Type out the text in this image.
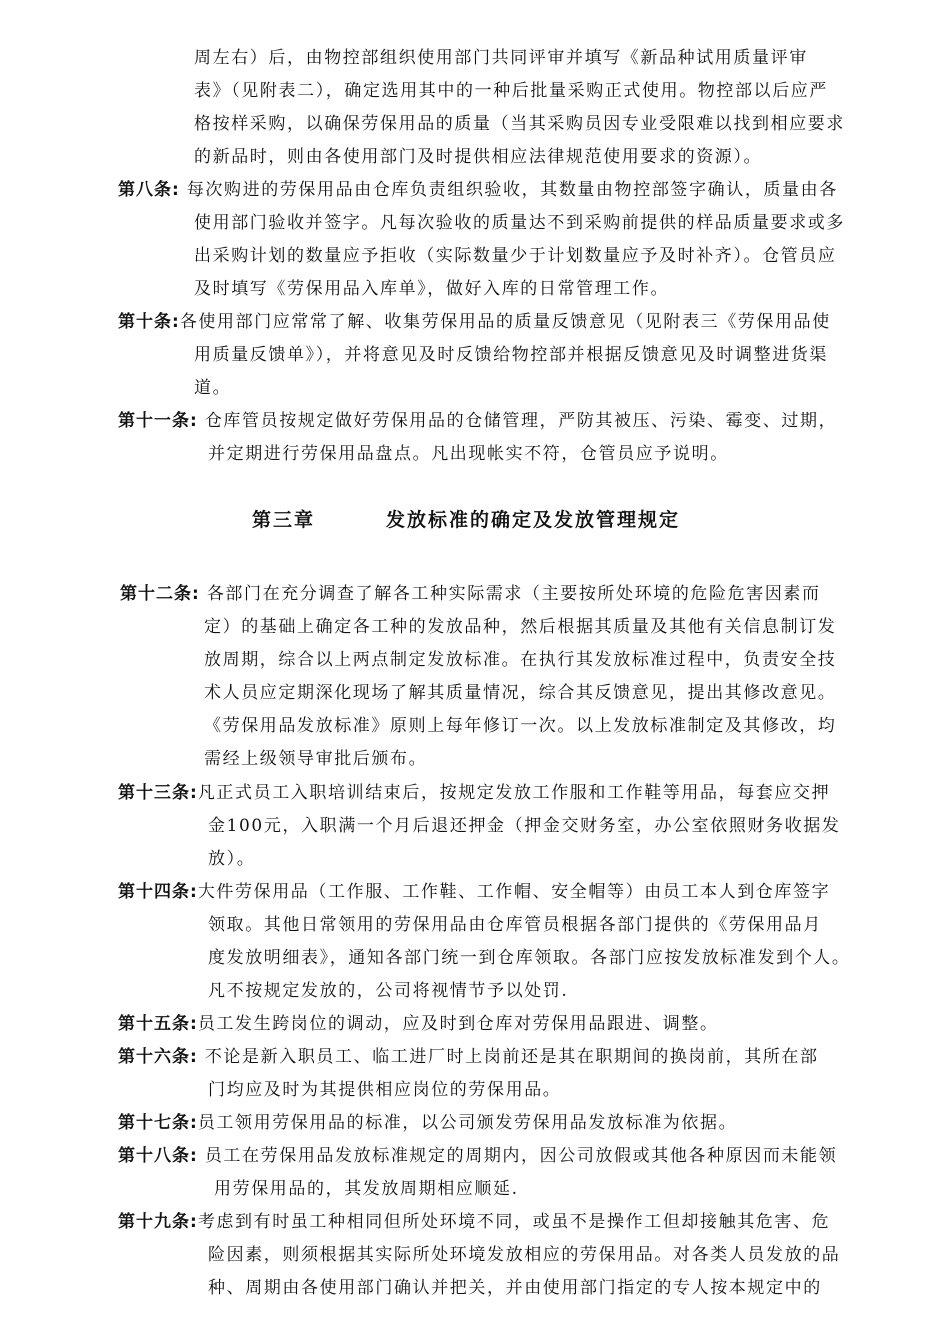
周左右）后，由物控部组织使用部门共同评审并填写《新品种试用质量评审
表》（见附表二），确定选用其中的一种后批量采购正式使用。物控部以后应严
格按样采购，以确保劳保用品的质量（当其采购员因专业受限难以找到相应要求
的新品时，则由各使用部门及时提供相应法律规范使用要求的资源）。
第八条: 每次购进的劳保用品由仓库负责组织验收，其数量由物控部签字确认，质量由各
使用部门验收并签字。凡每次验收的质量达不到采购前提供的样品质量要求或多
出采购计划的数量应予拒收（实际数量少于计划数量应予及时补齐）。仓管员应
及时填写《劳保用品入库单》，做好入库的日常管理工作。
第十条:各使用部门应常常了解、收集劳保用品的质量反馈意见（见附表三《劳保用品使
用质量反馈单》），并将意见及时反馈给物控部并根据反馈意见及时调整进货渠
道。
第十一条: 仓库管员按规定做好劳保用品的仓储管理，严防其被压、污染、霉变、过期，
并定期进行劳保用品盘点。凡出现帐实不符，仓管员应予说明。
第三章	发放标准的确定及发放管理规定
第十二条: 各部门在充分调查了解各工种实际需求（主要按所处环境的危险危害因素而
定）的基础上确定各工种的发放品种，然后根据其质量及其他有关信息制订发
放周期，综合以上两点制定发放标准。在执行其发放标准过程中，负责安全技
术人员应定期深化现场了解其质量情况，综合其反馈意见，提出其修改意见。
《劳保用品发放标准》原则上每年修订一次。以上发放标准制定及其修改，均
需经上级领导审批后颁布。
第十三条:凡正式员工入职培训结束后，按规定发放工作服和工作鞋等用品，每套应交押
金100元，入职满一个月后退还押金（押金交财务室，办公室依照财务收据发
放）。
第十四条:大件劳保用品（工作服、工作鞋、工作帽、安全帽等）由员工本人到仓库签字
领取。其他日常领用的劳保用品由仓库管员根据各部门提供的《劳保用品月
度发放明细表》，通知各部门统一到仓库领取。各部门应按发放标准发到个人。
凡不按规定发放的，公司将视情节予以处罚.
第十五条:员工发生跨岗位的调动，应及时到仓库对劳保用品跟进、调整。
第十六条: 不论是新入职员工、临工进厂时上岗前还是其在职期间的换岗前，其所在部
门均应及时为其提供相应岗位的劳保用品。
第十七条:员工领用劳保用品的标准，以公司颁发劳保用品发放标准为依据。
第十八条: 员工在劳保用品发放标准规定的周期内，因公司放假或其他各种原因而未能领
用劳保用品的，其发放周期相应顺延.
第十九条:考虑到有时虽工种相同但所处环境不同，或虽不是操作工但却接触其危害、危
险因素，则须根据其实际所处环境发放相应的劳保用品。对各类人员发放的品
种、周期由各使用部门确认并把关，并由使用部门指定的专人按本规定中的
